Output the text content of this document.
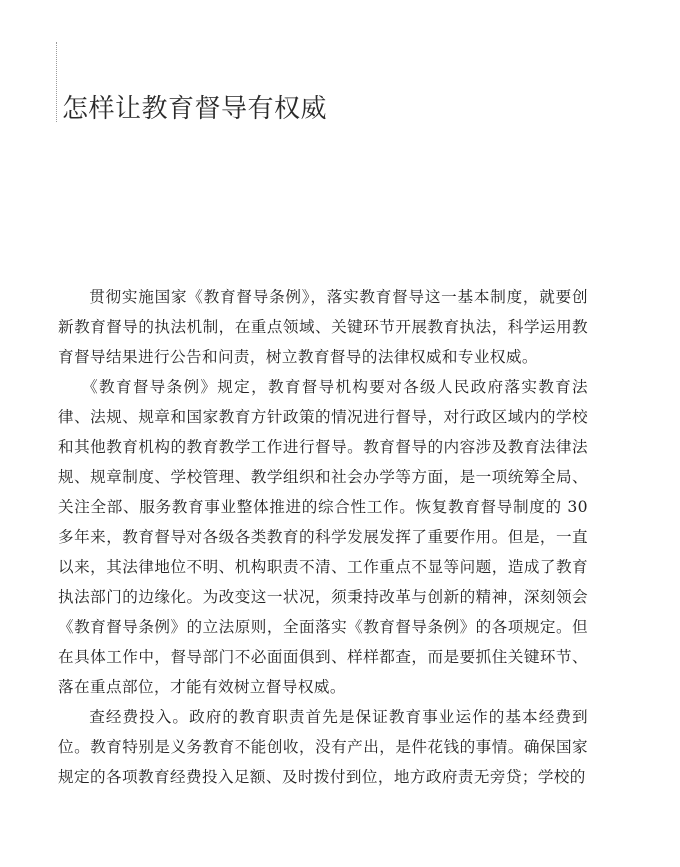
怎样让教育督导有权威

贯彻实施国家《教育督导条例》，落实教育督导这一基本制度，就要创新教育督导的执法机制，在重点领域、关键环节开展教育执法，科学运用教育督导结果进行公告和问责，树立教育督导的法律权威和专业权威。

《教育督导条例》规定，教育督导机构要对各级人民政府落实教育法律、法规、规章和国家教育方针政策的情况进行督导，对行政区域内的学校和其他教育机构的教育教学工作进行督导。教育督导的内容涉及教育法律法规、规章制度、学校管理、教学组织和社会办学等方面，是一项统筹全局、关注全部、服务教育事业整体推进的综合性工作。恢复教育督导制度的 30 多年来，教育督导对各级各类教育的科学发展发挥了重要作用。但是，一直以来，其法律地位不明、机构职责不清、工作重点不显等问题，造成了教育执法部门的边缘化。为改变这一状况，须秉持改革与创新的精神，深刻领会《教育督导条例》的立法原则，全面落实《教育督导条例》的各项规定。但在具体工作中，督导部门不必面面俱到、样样都查，而是要抓住关键环节、落在重点部位，才能有效树立督导权威。

查经费投入。政府的教育职责首先是保证教育事业运作的基本经费到位。教育特别是义务教育不能创收，没有产出，是件花钱的事情。确保国家规定的各项教育经费投入足额、及时拨付到位，地方政府责无旁贷；学校的
